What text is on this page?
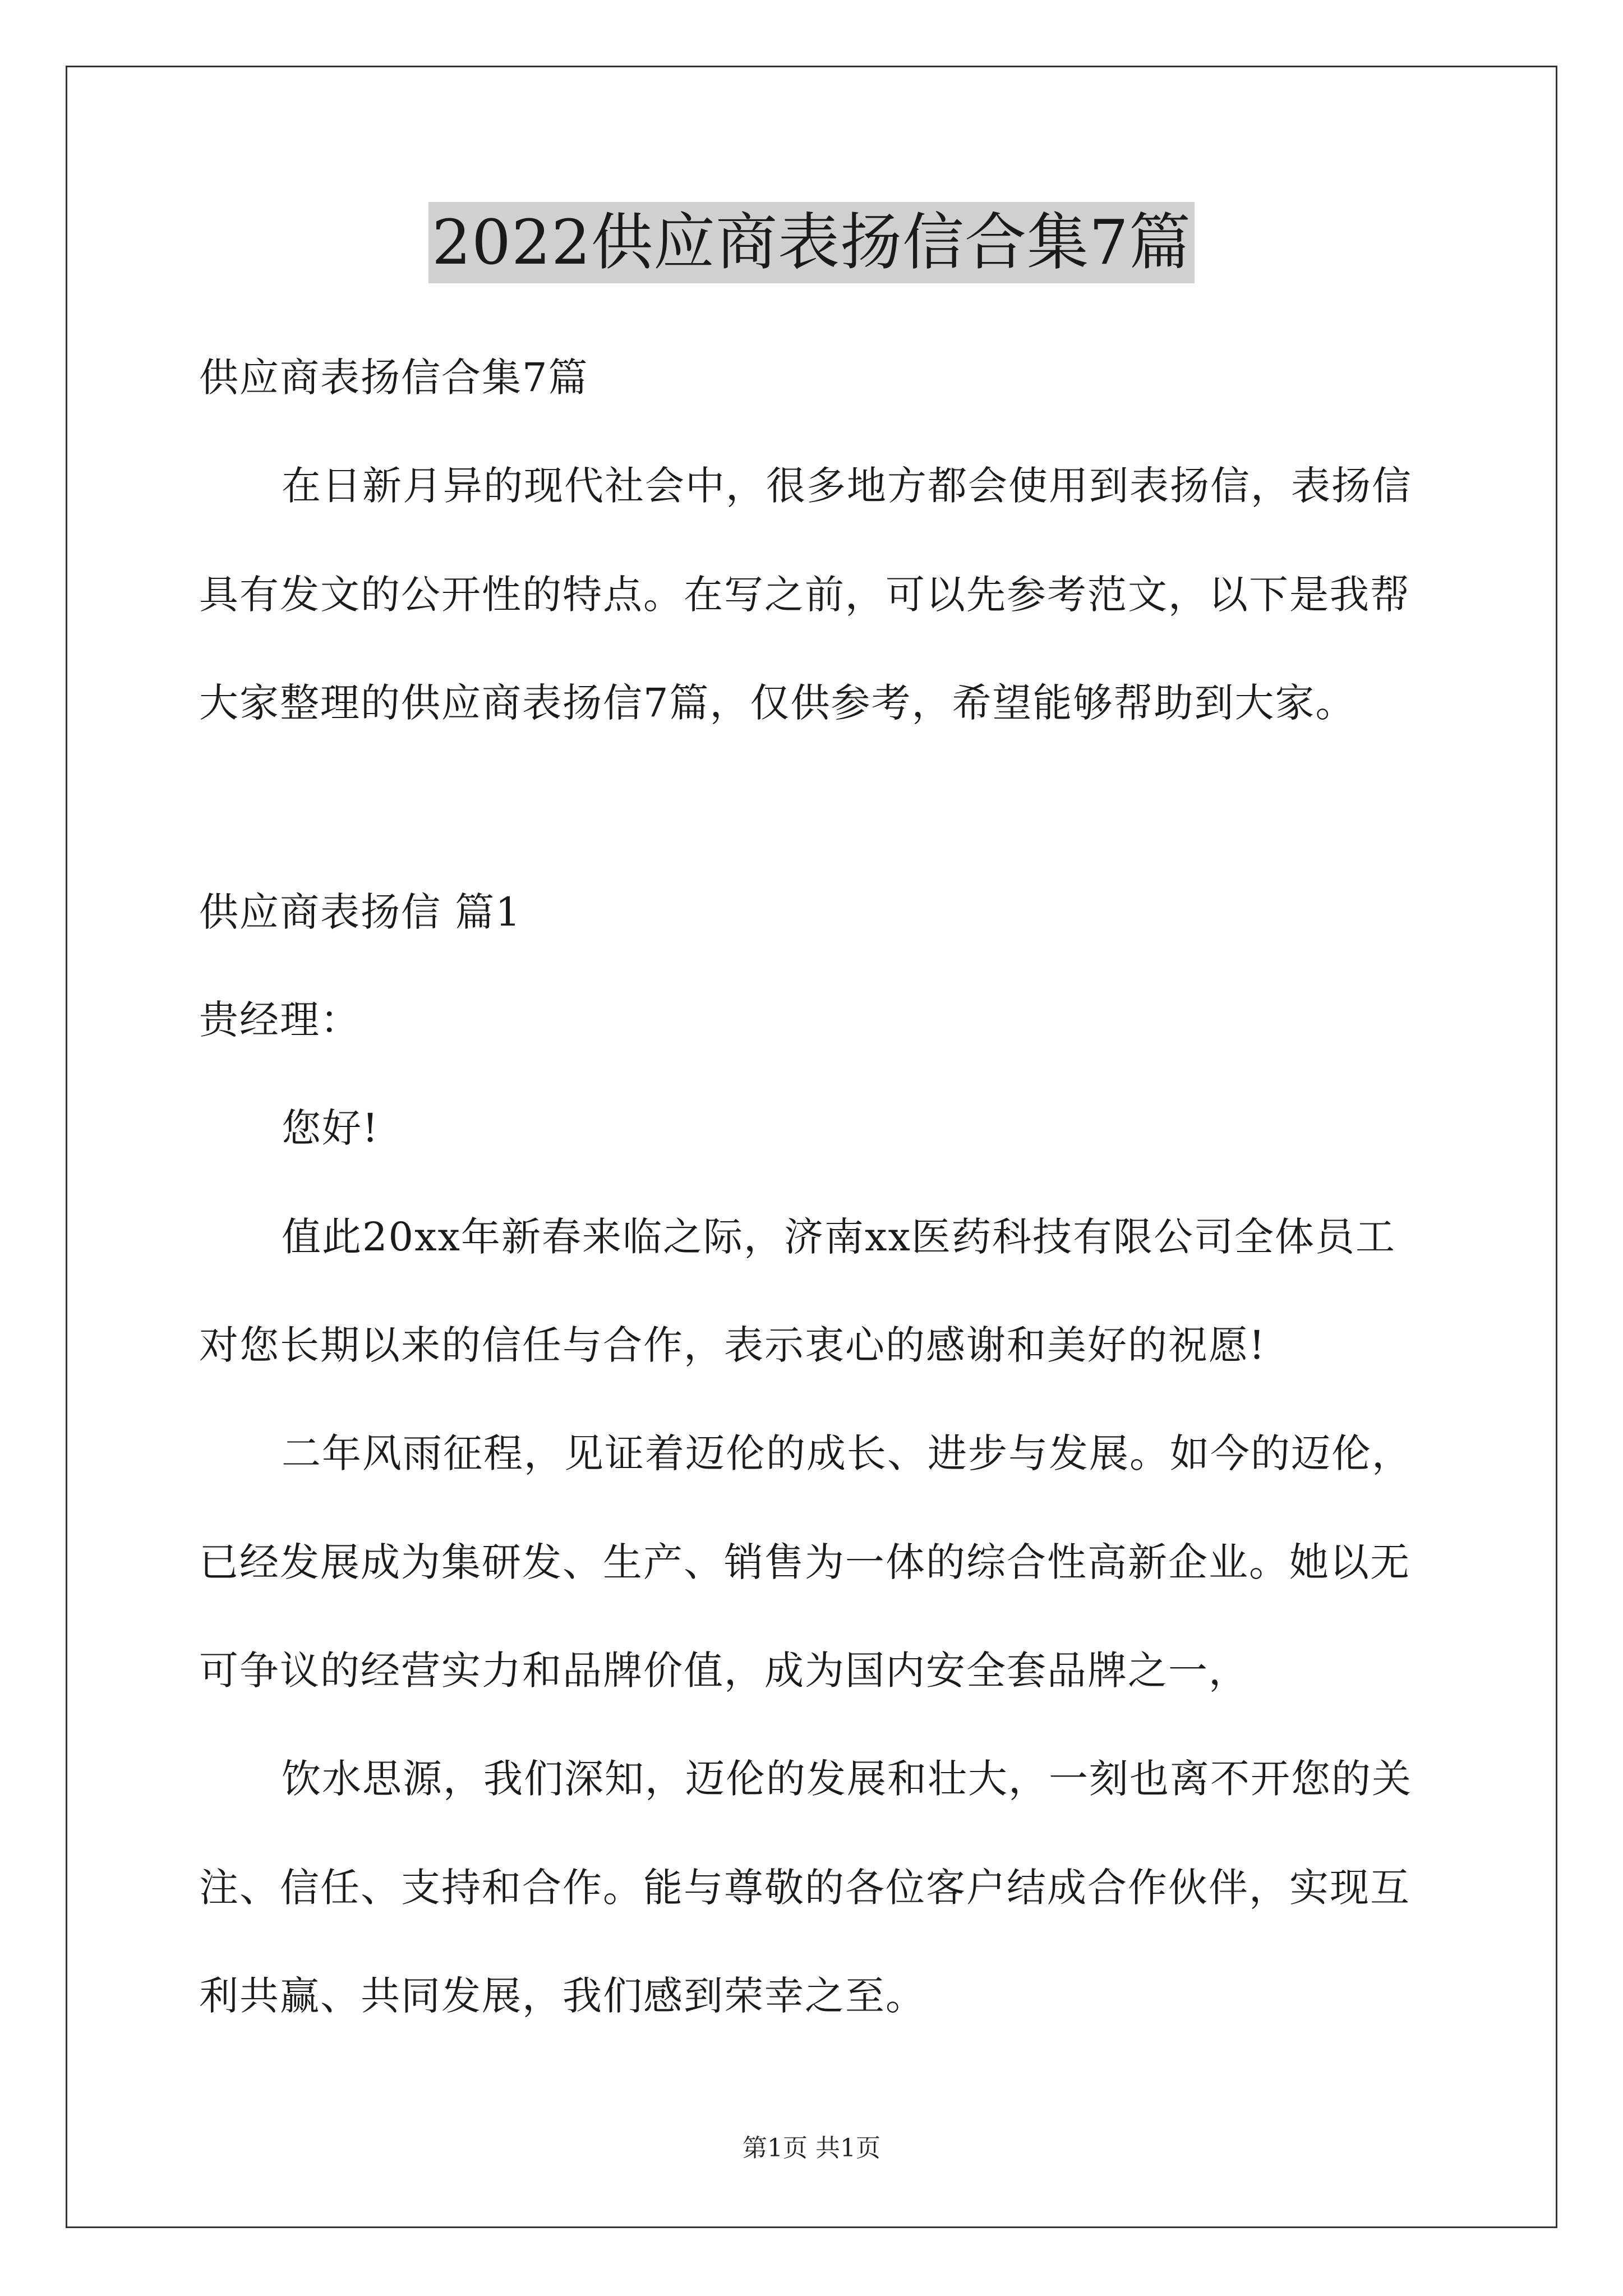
2022供应商表扬信合集7篇
供应商表扬信合集7篇
在日新月异的现代社会中，很多地方都会使用到表扬信，表扬信
具有发文的公开性的特点。在写之前，可以先参考范文，以下是我帮
大家整理的供应商表扬信7篇，仅供参考，希望能够帮助到大家。
供应商表扬信 篇1
贵经理：
您好!
值此20xx年新春来临之际，济南xx医药科技有限公司全体员工
对您长期以来的信任与合作，表示衷心的感谢和美好的祝愿!
二年风雨征程，见证着迈伦的成长、进步与发展。如今的迈伦，
已经发展成为集研发、生产、销售为一体的综合性高新企业。她以无
可争议的经营实力和品牌价值，成为国内安全套品牌之一，
饮水思源，我们深知，迈伦的发展和壮大，一刻也离不开您的关
注、信任、支持和合作。能与尊敬的各位客户结成合作伙伴，实现互
利共赢、共同发展，我们感到荣幸之至。
第1页 共1页
